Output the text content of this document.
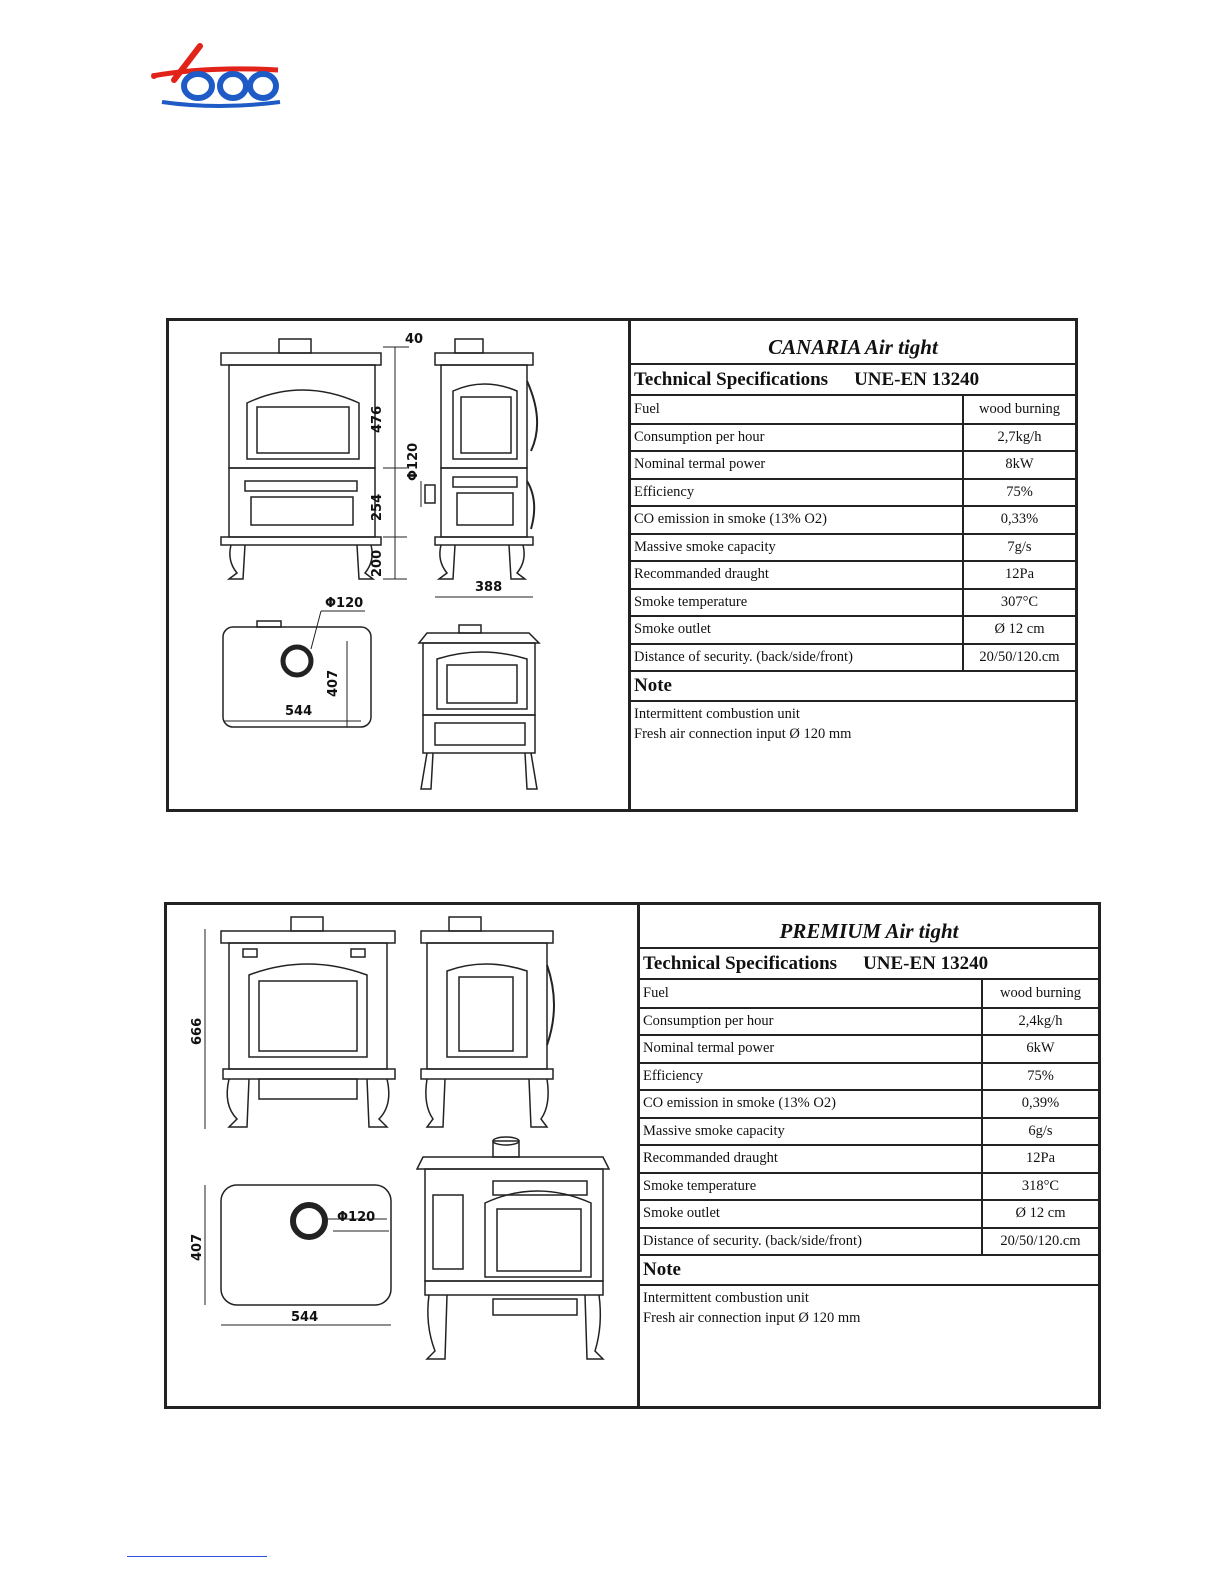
40
476
254
200
Φ120
388
Φ120
407
544
CANARIA Air tight
Technical Specifications UNE-EN 13240
Fuel	wood burning
Consumption per hour	2,7kg/h
Nominal termal power	8kW
Efficiency	75%
CO emission in smoke (13% O2)	0,33%
Massive smoke capacity	7g/s
Recommanded draught	12Pa
Smoke temperature	307°C
Smoke outlet	Ø 12 cm
Distance of security. (back/side/front)	20/50/120.cm
Note
Intermittent combustion unit
Fresh air connection input Ø 120 mm
666
Φ120
407
544
PREMIUM Air tight
Technical Specifications UNE-EN 13240
Fuel	wood burning
Consumption per hour	2,4kg/h
Nominal termal power	6kW
Efficiency	75%
CO emission in smoke (13% O2)	0,39%
Massive smoke capacity	6g/s
Recommanded draught	12Pa
Smoke temperature	318°C
Smoke outlet	Ø 12 cm
Distance of security. (back/side/front)	20/50/120.cm
Note
Intermittent combustion unit
Fresh air connection input Ø 120 mm
